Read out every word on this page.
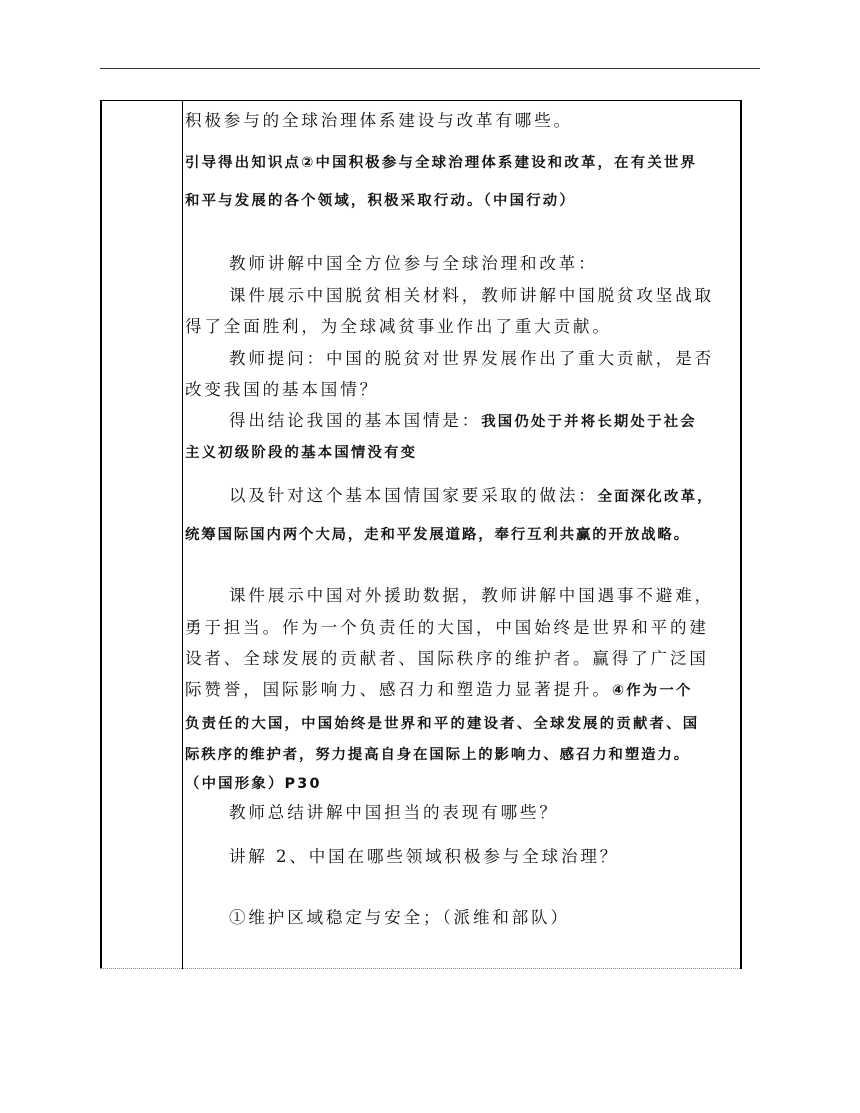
积极参与的全球治理体系建设与改革有哪些。
引导得出知识点②中国积极参与全球治理体系建设和改革，在有关世界
和平与发展的各个领域，积极采取行动。（中国行动）
教师讲解中国全方位参与全球治理和改革：
课件展示中国脱贫相关材料，教师讲解中国脱贫攻坚战取
得了全面胜利，为全球减贫事业作出了重大贡献。
教师提问：中国的脱贫对世界发展作出了重大贡献，是否
改变我国的基本国情？
得出结论我国的基本国情是：我国仍处于并将长期处于社会
主义初级阶段的基本国情没有变
以及针对这个基本国情国家要采取的做法：全面深化改革，
统筹国际国内两个大局，走和平发展道路，奉行互利共赢的开放战略。
课件展示中国对外援助数据，教师讲解中国遇事不避难，
勇于担当。作为一个负责任的大国，中国始终是世界和平的建
设者、全球发展的贡献者、国际秩序的维护者。赢得了广泛国
际赞誉，国际影响力、感召力和塑造力显著提升。④作为一个
负责任的大国，中国始终是世界和平的建设者、全球发展的贡献者、国
际秩序的维护者，努力提高自身在国际上的影响力、感召力和塑造力。
（中国形象）P30
教师总结讲解中国担当的表现有哪些？
讲解 2、中国在哪些领域积极参与全球治理？
①维护区域稳定与安全；（派维和部队）
